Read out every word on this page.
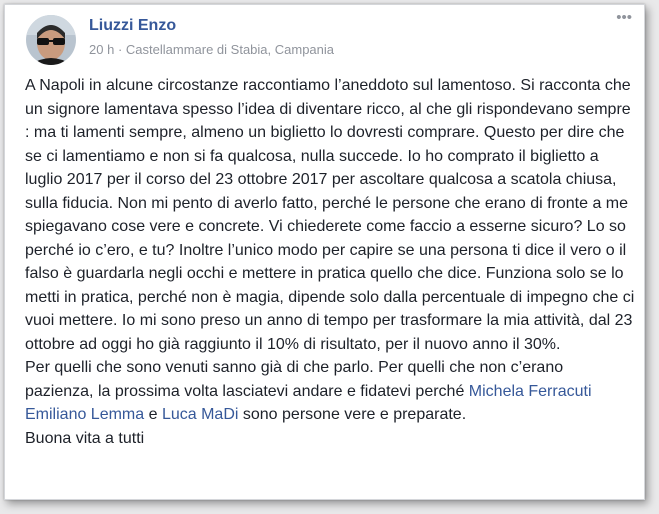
Liuzzi Enzo
20 h · Castellammare di Stabia, Campania
•••

A Napoli in alcune circostanze raccontiamo l’aneddoto sul lamentoso. Si racconta che un signore lamentava spesso l’idea di diventare ricco, al che gli rispondevano sempre : ma ti lamenti sempre, almeno un biglietto lo dovresti comprare. Questo per dire che se ci lamentiamo e non si fa qualcosa, nulla succede. Io ho comprato il biglietto a luglio 2017 per il corso del 23 ottobre 2017 per ascoltare qualcosa a scatola chiusa, sulla fiducia. Non mi pento di averlo fatto, perché le persone che erano di fronte a me spiegavano cose vere e concrete. Vi chiederete come faccio a esserne sicuro? Lo so perché io c’ero, e tu? Inoltre l’unico modo per capire se una persona ti dice il vero o il falso è guardarla negli occhi e mettere in pratica quello che dice. Funziona solo se lo metti in pratica, perché non è magia, dipende solo dalla percentuale di impegno che ci vuoi mettere. Io mi sono preso un anno di tempo per trasformare la mia attività, dal 23 ottobre ad oggi ho già raggiunto il 10% di risultato, per il nuovo anno il 30%.

Per quelli che sono venuti sanno già di che parlo. Per quelli che non c’erano pazienza, la prossima volta lasciatevi andare e fidatevi perché Michela Ferracuti Emiliano Lemma e Luca MaDi sono persone vere e preparate.

Buona vita a tutti
